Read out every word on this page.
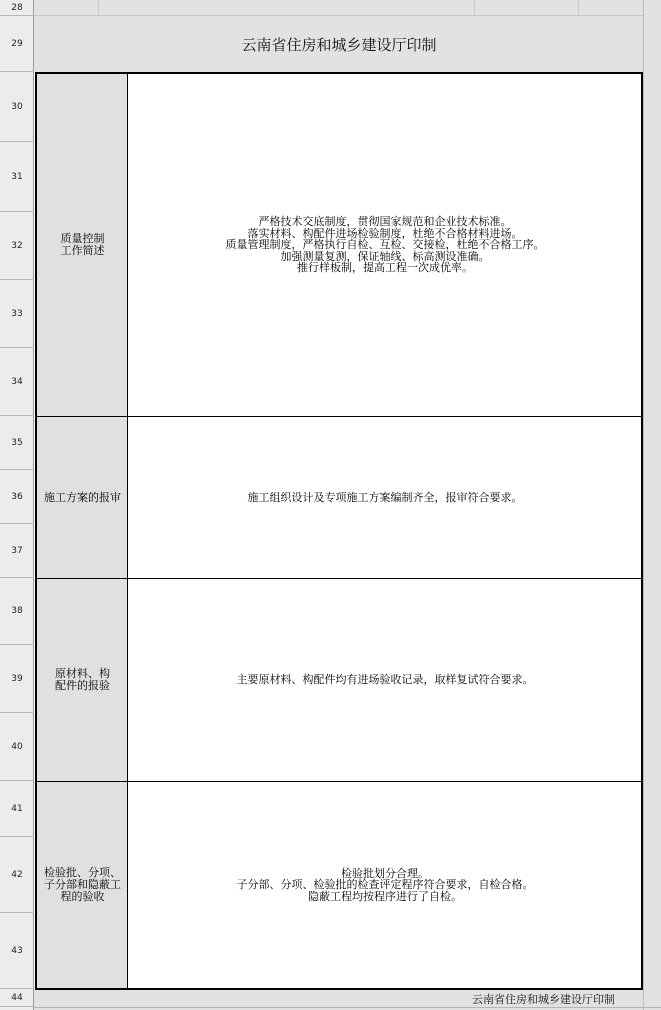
云南省住房和城乡建设厅印制
28
29
30
31
32
33
34
35
36
37
38
39
40
41
42
43
44
质量控制
工作简述
严格技术交底制度，贯彻国家规范和企业技术标准。
落实材料、构配件进场检验制度，杜绝不合格材料进场。
质量管理制度，严格执行自检、互检、交接检，杜绝不合格工序。
加强测量复测，保证轴线、标高测设准确。
推行样板制，提高工程一次成优率。
施工方案的报审	施工组织设计及专项施工方案编制齐全，报审符合要求。
原材料、构
配件的报验	主要原材料、构配件均有进场验收记录，取样复试符合要求。
检验批、分项、
子分部和隐蔽工
程的验收
检验批划分合理。
子分部、分项、检验批的检查评定程序符合要求，自检合格。
隐蔽工程均按程序进行了自检。
云南省住房和城乡建设厅印制
